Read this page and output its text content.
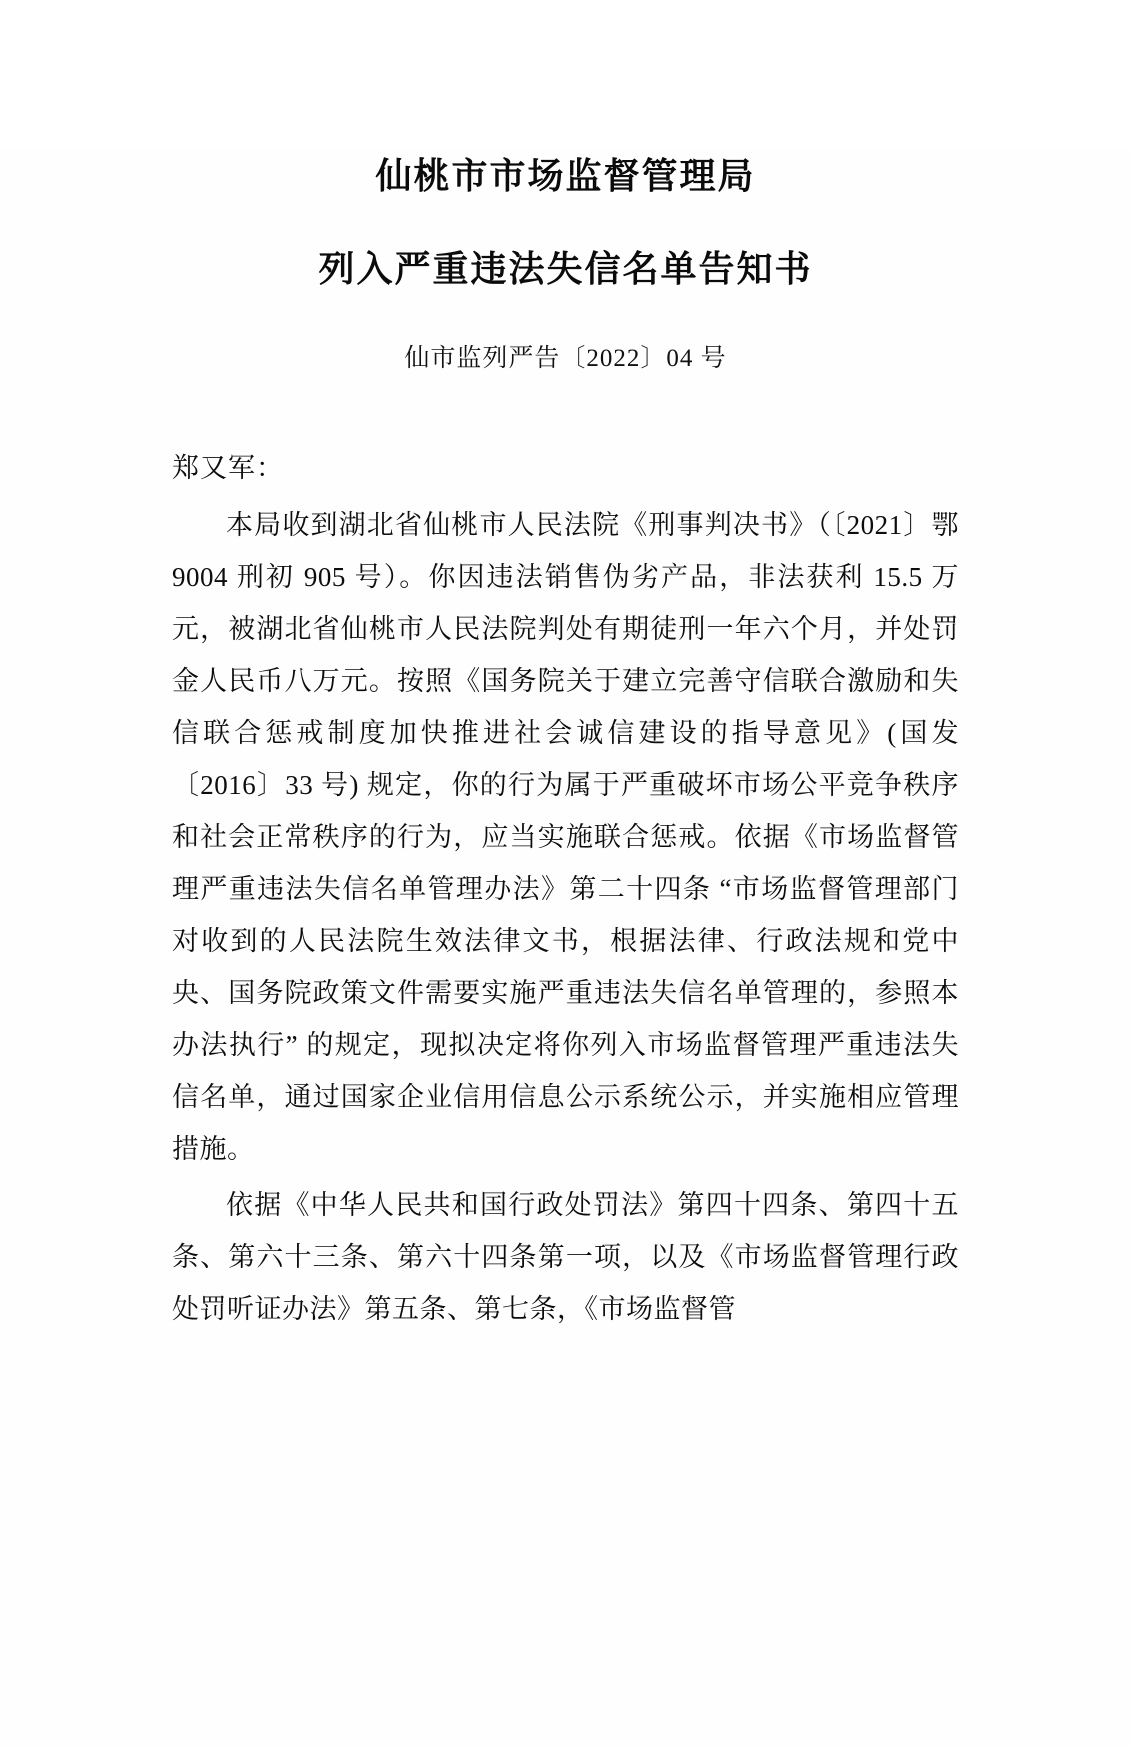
仙桃市市场监督管理局
列入严重违法失信名单告知书
仙市监列严告〔2022〕04 号
郑又军：

本局收到湖北省仙桃市人民法院《刑事判决书》（〔2021〕鄂 9004 刑初 905 号）。你因违法销售伪劣产品，非法获利 15.5 万元，被湖北省仙桃市人民法院判处有期徒刑一年六个月，并处罚金人民币八万元。按照《国务院关于建立完善守信联合激励和失信联合惩戒制度加快推进社会诚信建设的指导意见》(国发〔2016〕33 号) 规定，你的行为属于严重破坏市场公平竞争秩序和社会正常秩序的行为，应当实施联合惩戒。依据《市场监督管理严重违法失信名单管理办法》第二十四条 “市场监督管理部门对收到的人民法院生效法律文书，根据法律、行政法规和党中央、国务院政策文件需要实施严重违法失信名单管理的，参照本办法执行” 的规定，现拟决定将你列入市场监督管理严重违法失信名单，通过国家企业信用信息公示系统公示，并实施相应管理措施。

依据《中华人民共和国行政处罚法》第四十四条、第四十五条、第六十三条、第六十四条第一项，以及《市场监督管理行政处罚听证办法》第五条、第七条，《市场监督管
